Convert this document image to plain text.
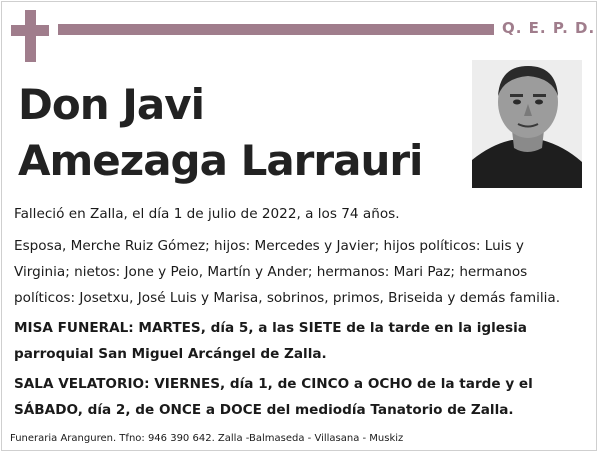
Q. E. P. D.
Don Javi
Amezaga Larrauri
Falleció en Zalla, el día 1 de julio de 2022, a los 74 años.
Esposa, Merche Ruiz Gómez; hijos: Mercedes y Javier; hijos políticos: Luis y Virginia; nietos: Jone y Peio, Martín y Ander; hermanos: Mari Paz; hermanos políticos: Josetxu, José Luis y Marisa, sobrinos, primos, Briseida y demás familia.
MISA FUNERAL: MARTES, día 5, a las SIETE de la tarde en la iglesia parroquial San Miguel Arcángel de Zalla.
SALA VELATORIO: VIERNES, día 1, de CINCO a OCHO de la tarde y el SÁBADO, día 2, de ONCE a DOCE del mediodía Tanatorio de Zalla.
Funeraria Aranguren. Tfno: 946 390 642. Zalla -Balmaseda - Villasana - Muskiz
